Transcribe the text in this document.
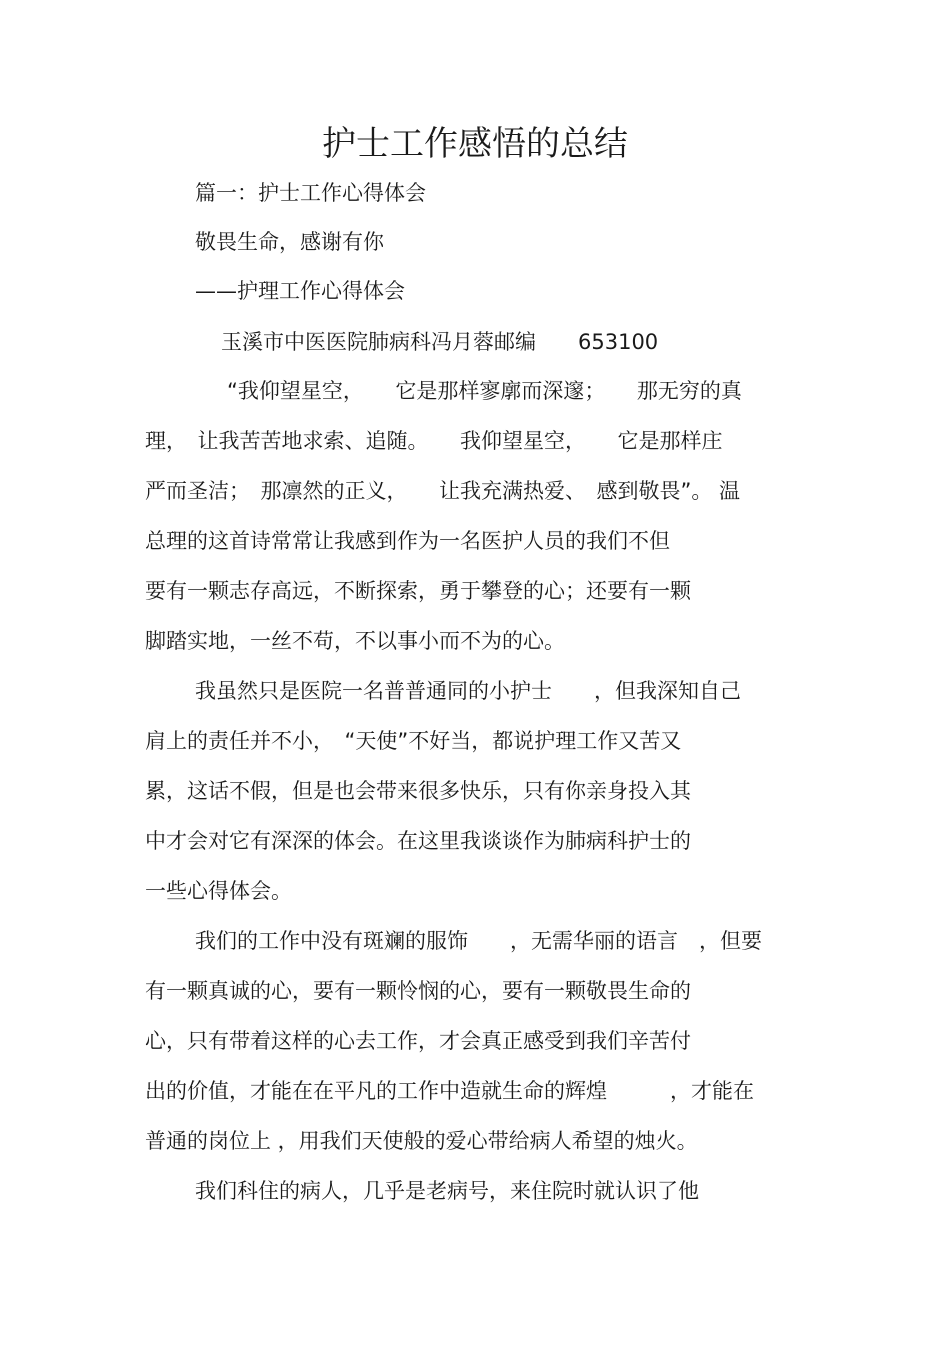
护士工作感悟的总结
篇一：护士工作心得体会
敬畏生命，感谢有你
——护理工作心得体会
玉溪市中医医院肺病科冯月蓉邮编　　653100
“我仰望星空，　　它是那样寥廓而深邃；　　那无穷的真
理，　让我苦苦地求索、追随。　　我仰望星空，　　它是那样庄
严而圣洁；　那凛然的正义，　　让我充满热爱、　感到敬畏”。 温
总理的这首诗常常让我感到作为一名医护人员的我们不但
要有一颗志存高远，不断探索，勇于攀登的心；还要有一颗
脚踏实地，一丝不苟，不以事小而不为的心。
我虽然只是医院一名普普通同的小护士　　，但我深知自己
肩上的责任并不小，　“天使”不好当，都说护理工作又苦又
累，这话不假，但是也会带来很多快乐，只有你亲身投入其
中才会对它有深深的体会。在这里我谈谈作为肺病科护士的
一些心得体会。
我们的工作中没有斑斓的服饰　　，无需华丽的语言　，但要
有一颗真诚的心，要有一颗怜悯的心，要有一颗敬畏生命的
心，只有带着这样的心去工作，才会真正感受到我们辛苦付
出的价值，才能在在平凡的工作中造就生命的辉煌　　　，才能在
普通的岗位上 ，用我们天使般的爱心带给病人希望的烛火。
我们科住的病人，几乎是老病号，来住院时就认识了他
